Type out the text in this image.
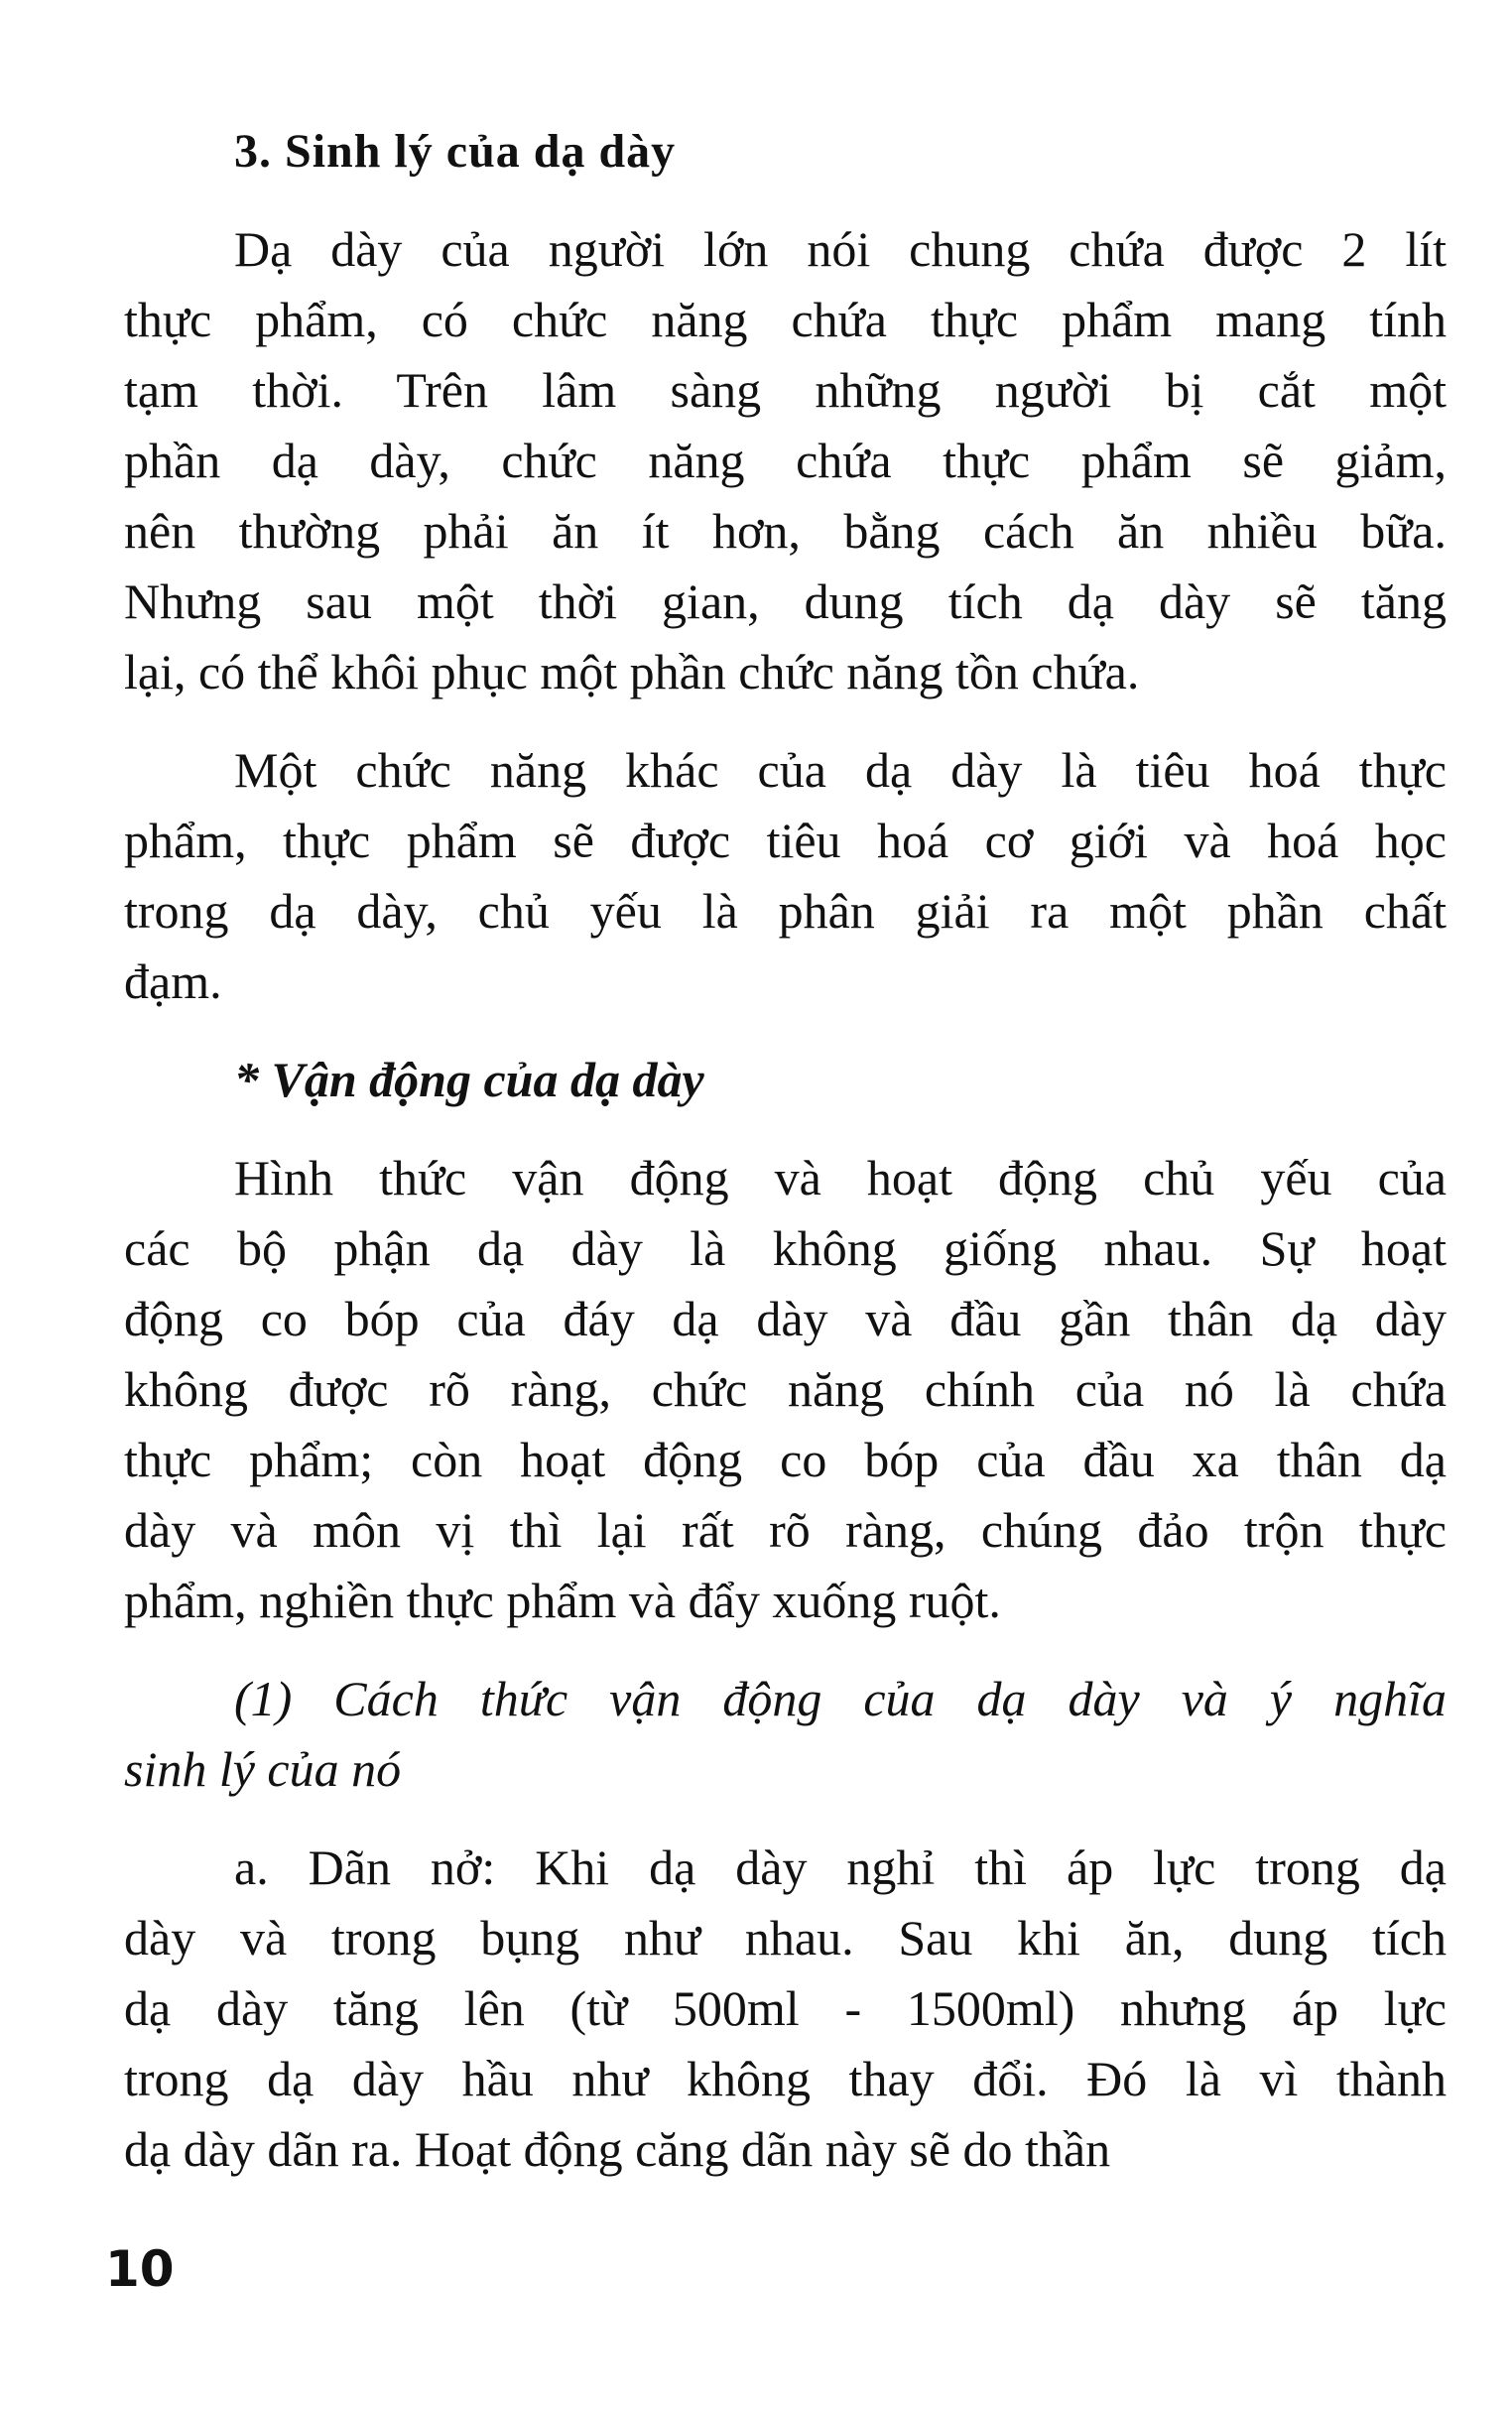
3. Sinh lý của dạ dày
Dạ dày của người lớn nói chung chứa được 2 lít
thực phẩm, có chức năng chứa thực phẩm mang tính
tạm thời. Trên lâm sàng những người bị cắt một
phần dạ dày, chức năng chứa thực phẩm sẽ giảm,
nên thường phải ăn ít hơn, bằng cách ăn nhiều bữa.
Nhưng sau một thời gian, dung tích dạ dày sẽ tăng
lại, có thể khôi phục một phần chức năng tồn chứa.
Một chức năng khác của dạ dày là tiêu hoá thực
phẩm, thực phẩm sẽ được tiêu hoá cơ giới và hoá học
trong dạ dày, chủ yếu là phân giải ra một phần chất
đạm.
* Vận động của dạ dày
Hình thức vận động và hoạt động chủ yếu của
các bộ phận dạ dày là không giống nhau. Sự hoạt
động co bóp của đáy dạ dày và đầu gần thân dạ dày
không được rõ ràng, chức năng chính của nó là chứa
thực phẩm; còn hoạt động co bóp của đầu xa thân dạ
dày và môn vị thì lại rất rõ ràng, chúng đảo trộn thực
phẩm, nghiền thực phẩm và đẩy xuống ruột.
(1) Cách thức vận động của dạ dày và ý nghĩa
sinh lý của nó
a. Dãn nở: Khi dạ dày nghỉ thì áp lực trong dạ
dày và trong bụng như nhau. Sau khi ăn, dung tích
dạ dày tăng lên (từ 500ml - 1500ml) nhưng áp lực
trong dạ dày hầu như không thay đổi. Đó là vì thành
dạ dày dãn ra. Hoạt động căng dãn này sẽ do thần
10
